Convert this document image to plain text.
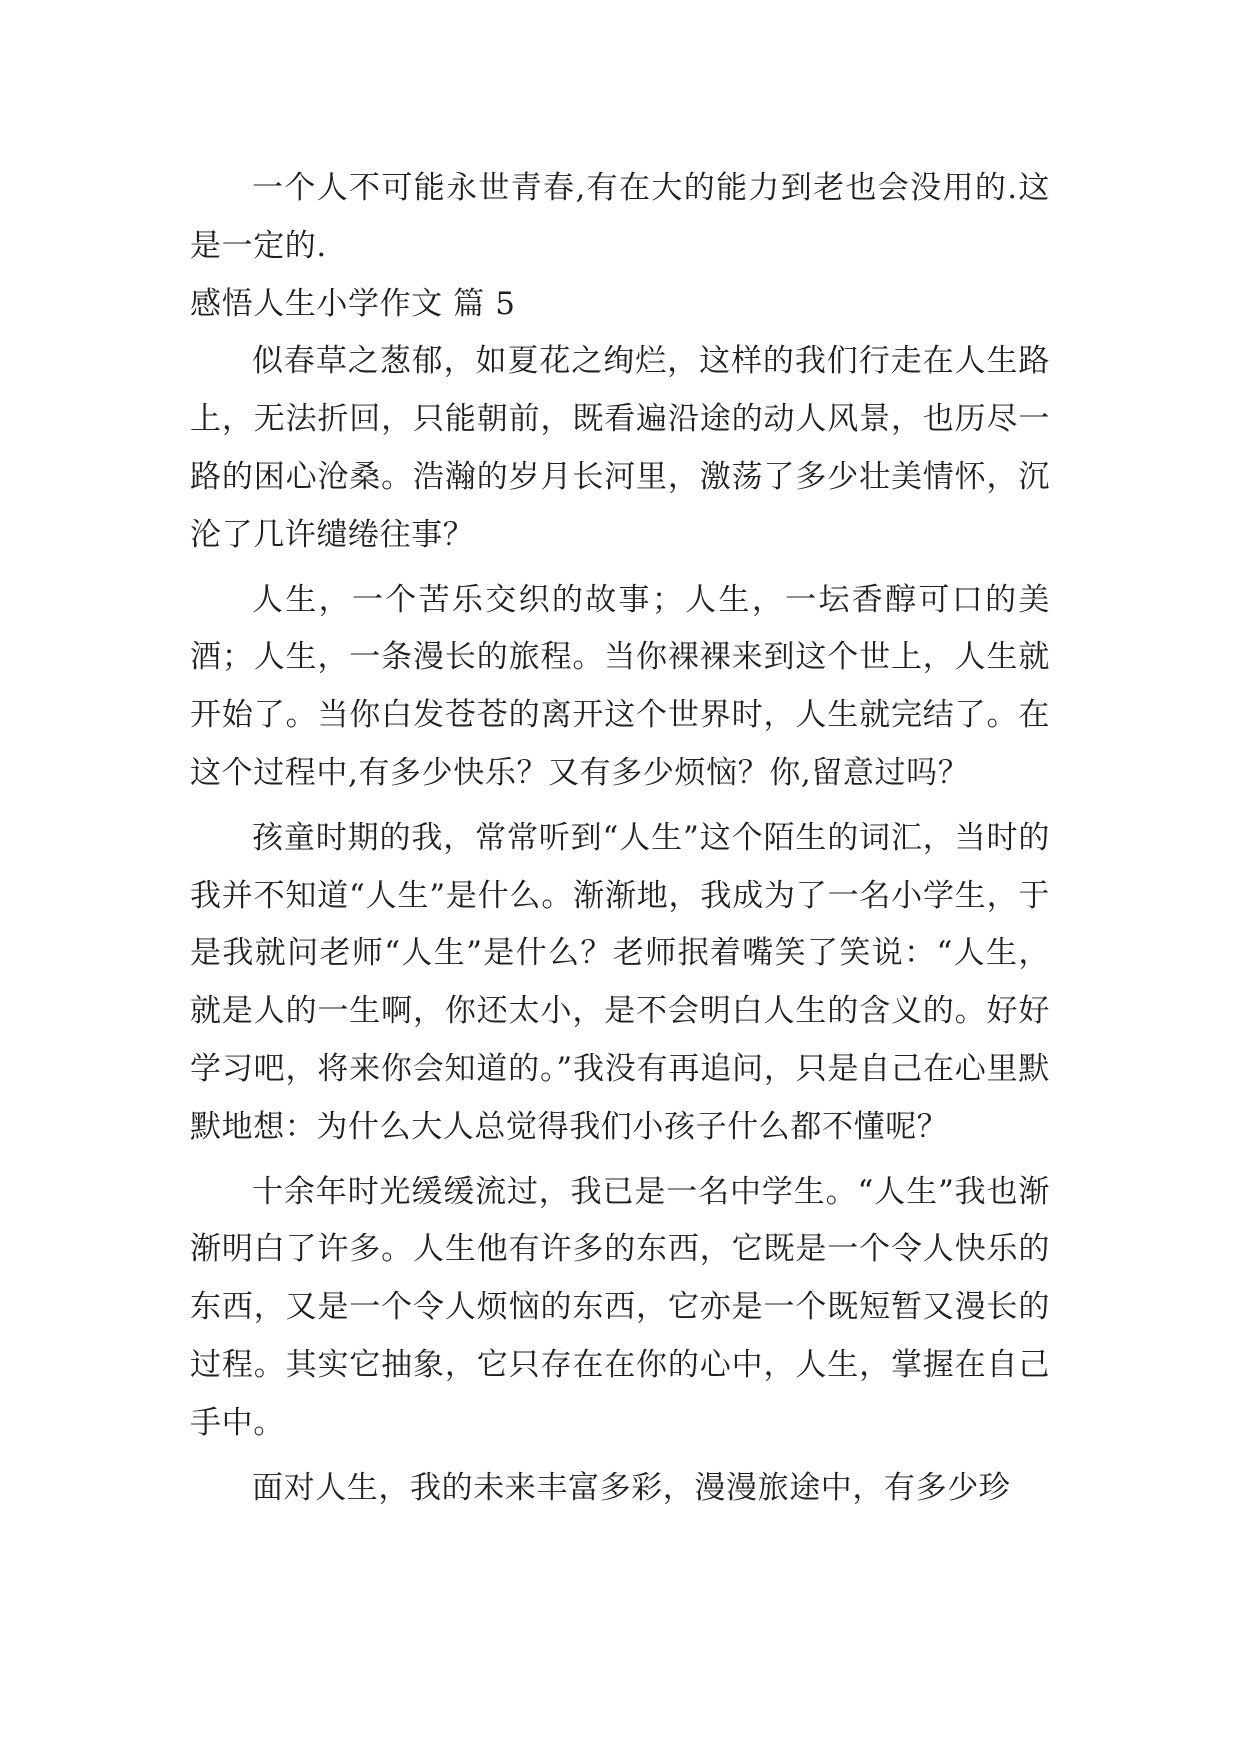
一个人不可能永世青春,有在大的能力到老也会没用的.这是一定的.

感悟人生小学作文 篇 5

似春草之葱郁，如夏花之绚烂，这样的我们行走在人生路上，无法折回，只能朝前，既看遍沿途的动人风景，也历尽一路的困心沧桑。浩瀚的岁月长河里，激荡了多少壮美情怀，沉沦了几许缱绻往事？

人生，一个苦乐交织的故事；人生，一坛香醇可口的美酒；人生，一条漫长的旅程。当你裸裸来到这个世上，人生就开始了。当你白发苍苍的离开这个世界时，人生就完结了。在这个过程中,有多少快乐？又有多少烦恼？你,留意过吗？

孩童时期的我，常常听到“人生”这个陌生的词汇，当时的我并不知道“人生”是什么。渐渐地，我成为了一名小学生，于是我就问老师“人生”是什么？老师抿着嘴笑了笑说：“人生，就是人的一生啊，你还太小，是不会明白人生的含义的。好好学习吧，将来你会知道的。”我没有再追问，只是自己在心里默默地想：为什么大人总觉得我们小孩子什么都不懂呢？

十余年时光缓缓流过，我已是一名中学生。“人生”我也渐渐明白了许多。人生他有许多的东西，它既是一个令人快乐的东西，又是一个令人烦恼的东西，它亦是一个既短暂又漫长的过程。其实它抽象，它只存在在你的心中，人生，掌握在自己手中。

面对人生，我的未来丰富多彩，漫漫旅途中，有多少珍
